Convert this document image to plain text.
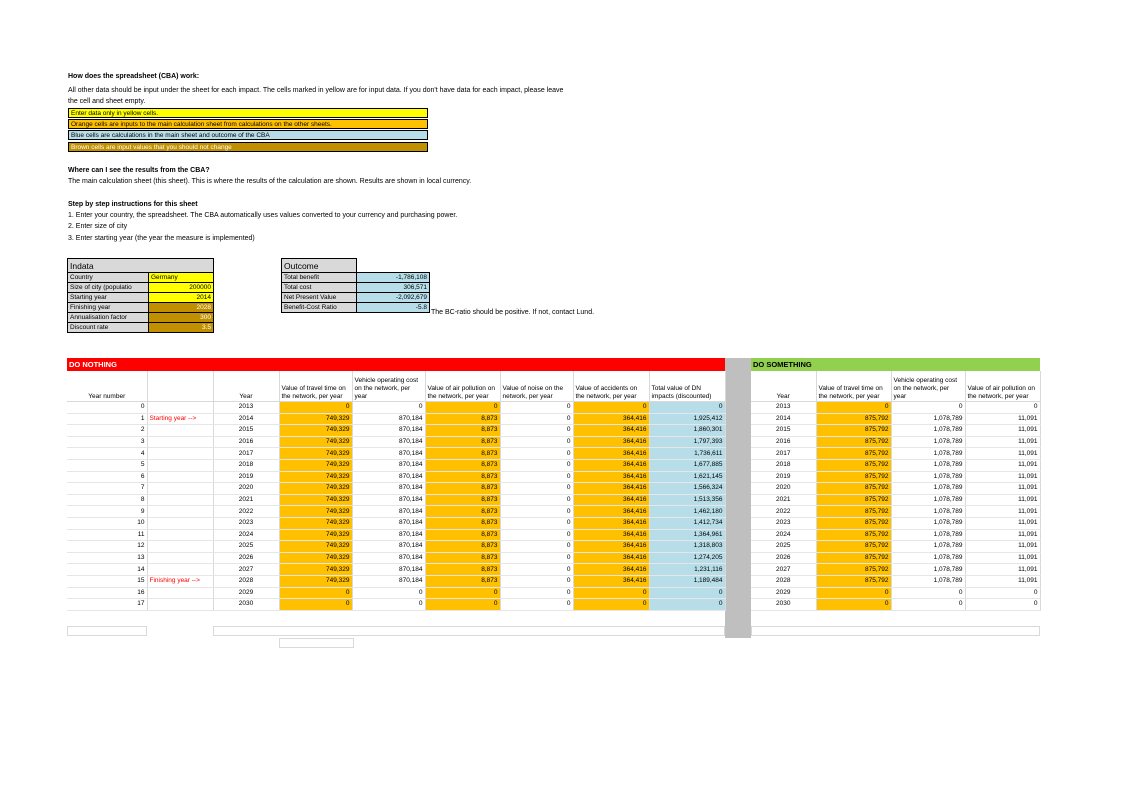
How does the spreadsheet (CBA) work:
All other data should be input under the sheet for each impact. The cells marked in yellow are for input data. If you don't have data for each impact, please leave
the cell and sheet empty.
Enter data only in yellow cells.
Orange cells are inputs to the main calculation sheet from calculations on the other sheets.
Blue cells are calculations in the main sheet and outcome of the CBA
Brown cells are input values that you should not change
Where can I see the results from the CBA?
The main calculation sheet (this sheet). This is where the results of the calculation are shown. Results are shown in local currency.
Step by step instructions for this sheet
1. Enter your country, the spreadsheet. The CBA automatically uses values converted to your currency and purchasing power.
2. Enter size of city
3. Enter starting year (the year the measure is implemented)
Indata	
Country	Germany
Size of city (populatio	200000
Starting year	2014
Finishing year	2028
Annualisation factor	300
Discount rate	3.5
Outcome	
Total benefit	-1,786,108
Total cost	306,571
Net Present Value	-2,092,679
Benefit-Cost Ratio	-5.8
The BC-ratio should be positive. If not, contact Lund.
DO NOTHING	DO SOMETHING
Year number		Year	Value of travel time on the network, per year	Vehicle operating cost on the network, per year	Value of air pollution on the network, per year	Value of noise on the network, per year	Value of accidents on the network, per year	Total value of DN impacts (discounted)
0		2013	0	0	0	0	0	0
1	Starting year -->	2014	749,329	870,184	8,873	0	364,416	1,925,412
2		2015	749,329	870,184	8,873	0	364,416	1,860,301
3		2016	749,329	870,184	8,873	0	364,416	1,797,393
4		2017	749,329	870,184	8,873	0	364,416	1,736,611
5		2018	749,329	870,184	8,873	0	364,416	1,677,885
6		2019	749,329	870,184	8,873	0	364,416	1,621,145
7		2020	749,329	870,184	8,873	0	364,416	1,566,324
8		2021	749,329	870,184	8,873	0	364,416	1,513,356
9		2022	749,329	870,184	8,873	0	364,416	1,462,180
10		2023	749,329	870,184	8,873	0	364,416	1,412,734
11		2024	749,329	870,184	8,873	0	364,416	1,364,961
12		2025	749,329	870,184	8,873	0	364,416	1,318,803
13		2026	749,329	870,184	8,873	0	364,416	1,274,205
14		2027	749,329	870,184	8,873	0	364,416	1,231,116
15	Finishing year -->	2028	749,329	870,184	8,873	0	364,416	1,189,484
16		2029	0	0	0	0	0	0
17		2030	0	0	0	0	0	0
Year	Value of travel time on the network, per year	Vehicle operating cost on the network, per year	Value of air pollution on the network, per year
2013	0	0	0
2014	875,792	1,078,789	11,091
2015	875,792	1,078,789	11,091
2016	875,792	1,078,789	11,091
2017	875,792	1,078,789	11,091
2018	875,792	1,078,789	11,091
2019	875,792	1,078,789	11,091
2020	875,792	1,078,789	11,091
2021	875,792	1,078,789	11,091
2022	875,792	1,078,789	11,091
2023	875,792	1,078,789	11,091
2024	875,792	1,078,789	11,091
2025	875,792	1,078,789	11,091
2026	875,792	1,078,789	11,091
2027	875,792	1,078,789	11,091
2028	875,792	1,078,789	11,091
2029	0	0	0
2030	0	0	0
